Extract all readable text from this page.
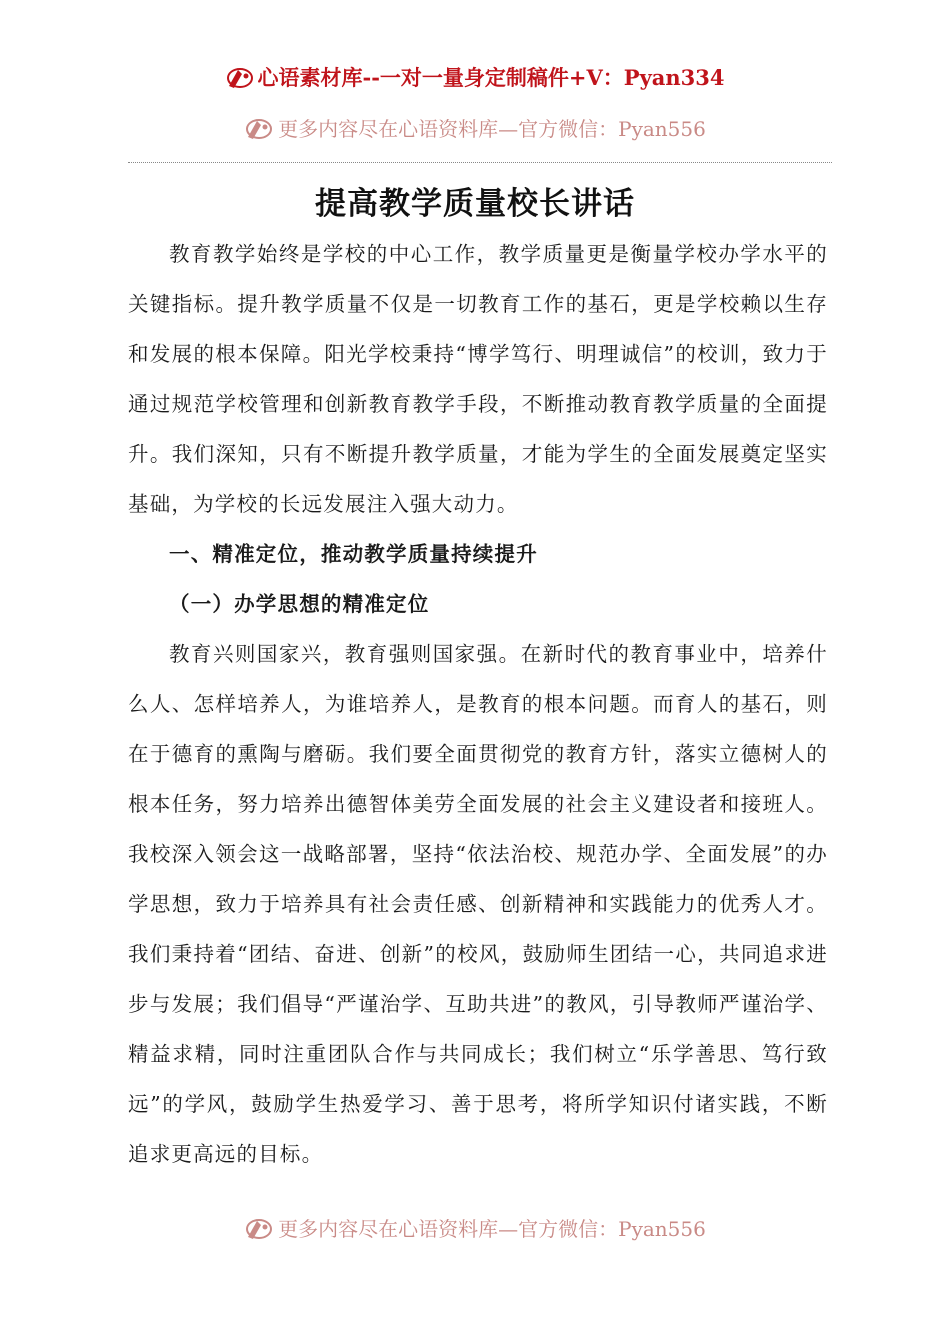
心语素材库--一对一量身定制稿件+V：Pyan334
更多内容尽在心语资料库—官方微信：Pyan556
提高教学质量校长讲话

教育教学始终是学校的中心工作，教学质量更是衡量学校办学水平的关键指标。提升教学质量不仅是一切教育工作的基石，更是学校赖以生存和发展的根本保障。阳光学校秉持“博学笃行、明理诚信”的校训，致力于通过规范学校管理和创新教育教学手段，不断推动教育教学质量的全面提升。我们深知，只有不断提升教学质量，才能为学生的全面发展奠定坚实基础，为学校的长远发展注入强大动力。

一、精准定位，推动教学质量持续提升
（一）办学思想的精准定位

教育兴则国家兴，教育强则国家强。在新时代的教育事业中，培养什么人、怎样培养人，为谁培养人，是教育的根本问题。而育人的基石，则在于德育的熏陶与磨砺。我们要全面贯彻党的教育方针，落实立德树人的根本任务，努力培养出德智体美劳全面发展的社会主义建设者和接班人。我校深入领会这一战略部署，坚持“依法治校、规范办学、全面发展”的办学思想，致力于培养具有社会责任感、创新精神和实践能力的优秀人才。我们秉持着“团结、奋进、创新”的校风，鼓励师生团结一心，共同追求进步与发展；我们倡导“严谨治学、互助共进”的教风，引导教师严谨治学、精益求精，同时注重团队合作与共同成长；我们树立“乐学善思、笃行致远”的学风，鼓励学生热爱学习、善于思考，将所学知识付诸实践，不断追求更高远的目标。

更多内容尽在心语资料库—官方微信：Pyan556
